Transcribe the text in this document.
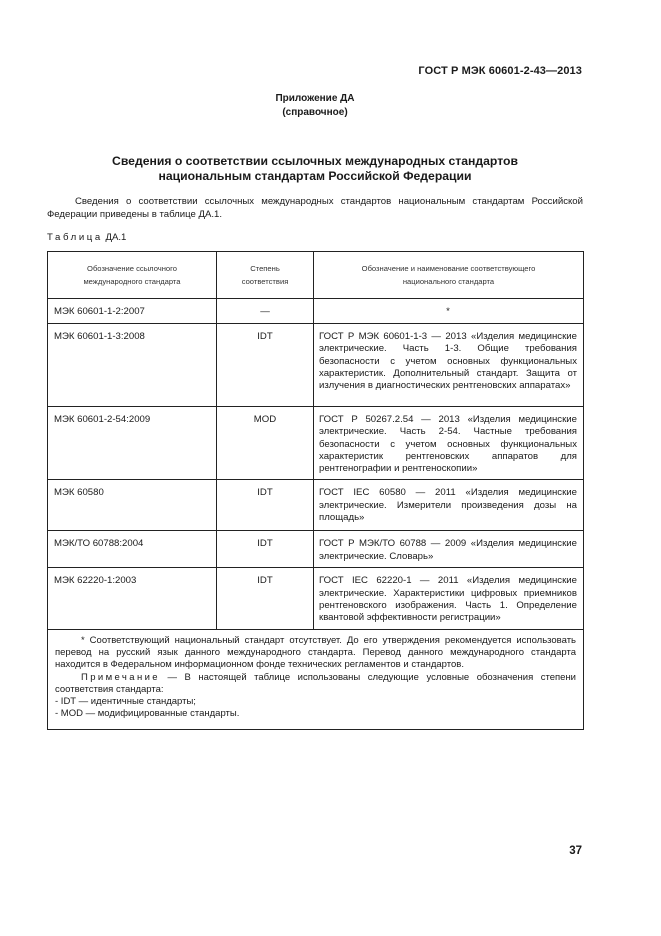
ГОСТ Р МЭК 60601-2-43—2013
Приложение ДА
(справочное)
Сведения о соответствии ссылочных международных стандартов
национальным стандартам Российской Федерации
Сведения о соответствии ссылочных международных стандартов национальным стандартам Российской Федерации приведены в таблице ДА.1.
Таблица ДА.1
Обозначение ссылочного международного стандарта	Степень соответствия	Обозначение и наименование соответствующего национального стандарта
МЭК 60601-1-2:2007	—	*
МЭК 60601-1-3:2008	IDT	ГОСТ Р МЭК 60601-1-3 — 2013 «Изделия медицинские электрические. Часть 1-3. Общие требования безопасности с учетом основных функциональных характеристик. Дополнительный стандарт. Защита от излучения в диагностических рентгеновских аппаратах»
МЭК 60601-2-54:2009	MOD	ГОСТ Р 50267.2.54 — 2013 «Изделия медицинские электрические. Часть 2-54. Частные требования безопасности с учетом основных функциональных характеристик рентгеновских аппаратов для рентгенографии и рентгеноскопии»
МЭК 60580	IDT	ГОСТ IEC 60580 — 2011 «Изделия медицинские электрические. Измерители произведения дозы на площадь»
МЭК/ТО 60788:2004	IDT	ГОСТ Р МЭК/ТО 60788 — 2009 «Изделия медицинские электрические. Словарь»
МЭК 62220-1:2003	IDT	ГОСТ IEC 62220-1 — 2011 «Изделия медицинские электрические. Характеристики цифровых приемников рентгеновского изображения. Часть 1. Определение квантовой эффективности регистрации»

* Соответствующий национальный стандарт отсутствует. До его утверждения рекомендуется использовать перевод на русский язык данного международного стандарта. Перевод данного международного стандарта находится в Федеральном информационном фонде технических регламентов и стандартов.
Примечание — В настоящей таблице использованы следующие условные обозначения степени соответствия стандарта:
- IDT — идентичные стандарты;
- MOD — модифицированные стандарты.		
37
